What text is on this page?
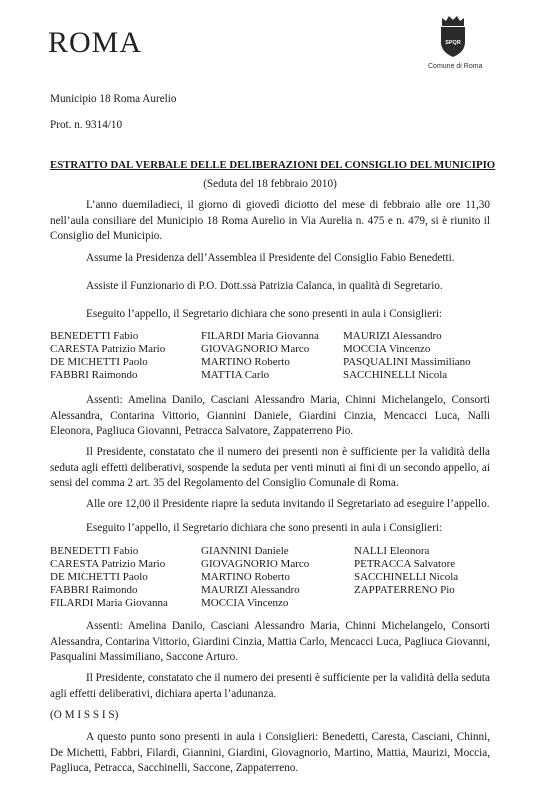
ROMA	SPQR
Comune di Roma
Municipio 18 Roma Aurelio
Prot. n. 9314/10
ESTRATTO DAL VERBALE DELLE DELIBERAZIONI DEL CONSIGLIO DEL MUNICIPIO
(Seduta del 18 febbraio 2010)
L’anno duemiladieci, il giorno di giovedì diciotto del mese di febbraio alle ore 11,30 nell’aula consiliare del Municipio 18 Roma Aurelio in Via Aurelia n. 475 e n. 479, si è riunito il Consiglio del Municipio.
Assume la Presidenza dell’Assemblea il Presidente del Consiglio Fabio Benedetti.
Assiste il Funzionario di P.O. Dott.ssa Patrizia Calanca, in qualità di Segretario.
Eseguito l’appello, il Segretario dichiara che sono presenti in aula i Consiglieri:
BENEDETTI Fabio
CARESTA Patrizio Mario
DE MICHETTI Paolo
FABBRI Raimondo
FILARDI Maria Giovanna
GIOVAGNORIO Marco
MARTINO Roberto
MATTIA Carlo
MAURIZI Alessandro
MOCCIA Vincenzo
PASQUALINI Massimiliano
SACCHINELLI Nicola
Assenti: Amelina Danilo, Casciani Alessandro Maria, Chinni Michelangelo, Consorti Alessandra, Contarina Vittorio, Giannini Daniele, Giardini Cinzia, Mencacci Luca, Nalli Eleonora, Pagliuca Giovanni, Petracca Salvatore, Zappaterreno Pio.
Il Presidente, constatato che il numero dei presenti non è sufficiente per la validità della seduta agli effetti deliberativi, sospende la seduta per venti minuti ai fini di un secondo appello, ai sensi del comma 2 art. 35 del Regolamento del Consiglio Comunale di Roma.
Alle ore 12,00 il Presidente riapre la seduta invitando il Segretariato ad eseguire l’appello.
Eseguito l’appello, il Segretario dichiara che sono presenti in aula i Consiglieri:
BENEDETTI Fabio
CARESTA Patrizio Mario
DE MICHETTI Paolo
FABBRI Raimondo
FILARDI Maria Giovanna
GIANNINI Daniele
GIOVAGNORIO Marco
MARTINO Roberto
MAURIZI Alessandro
MOCCIA Vincenzo
NALLI Eleonora
PETRACCA Salvatore
SACCHINELLI Nicola
ZAPPATERRENO Pio
Assenti: Amelina Danilo, Casciani Alessandro Maria, Chinni Michelangelo, Consorti Alessandra, Contarina Vittorio, Giardini Cinzia, Mattia Carlo, Mencacci Luca, Pagliuca Giovanni, Pasqualini Massimiliano, Saccone Arturo.
Il Presidente, constatato che il numero dei presenti è sufficiente per la validità della seduta agli effetti deliberativi, dichiara aperta l’adunanza.
(O M I S S I S)
A questo punto sono presenti in aula i Consiglieri: Benedetti, Caresta, Casciani, Chinni, De Michetti, Fabbri, Filardi, Giannini, Giardini, Giovagnorio, Martino, Mattia, Maurizi, Moccia, Pagliuca, Petracca, Sacchinelli, Saccone, Zappaterreno.
